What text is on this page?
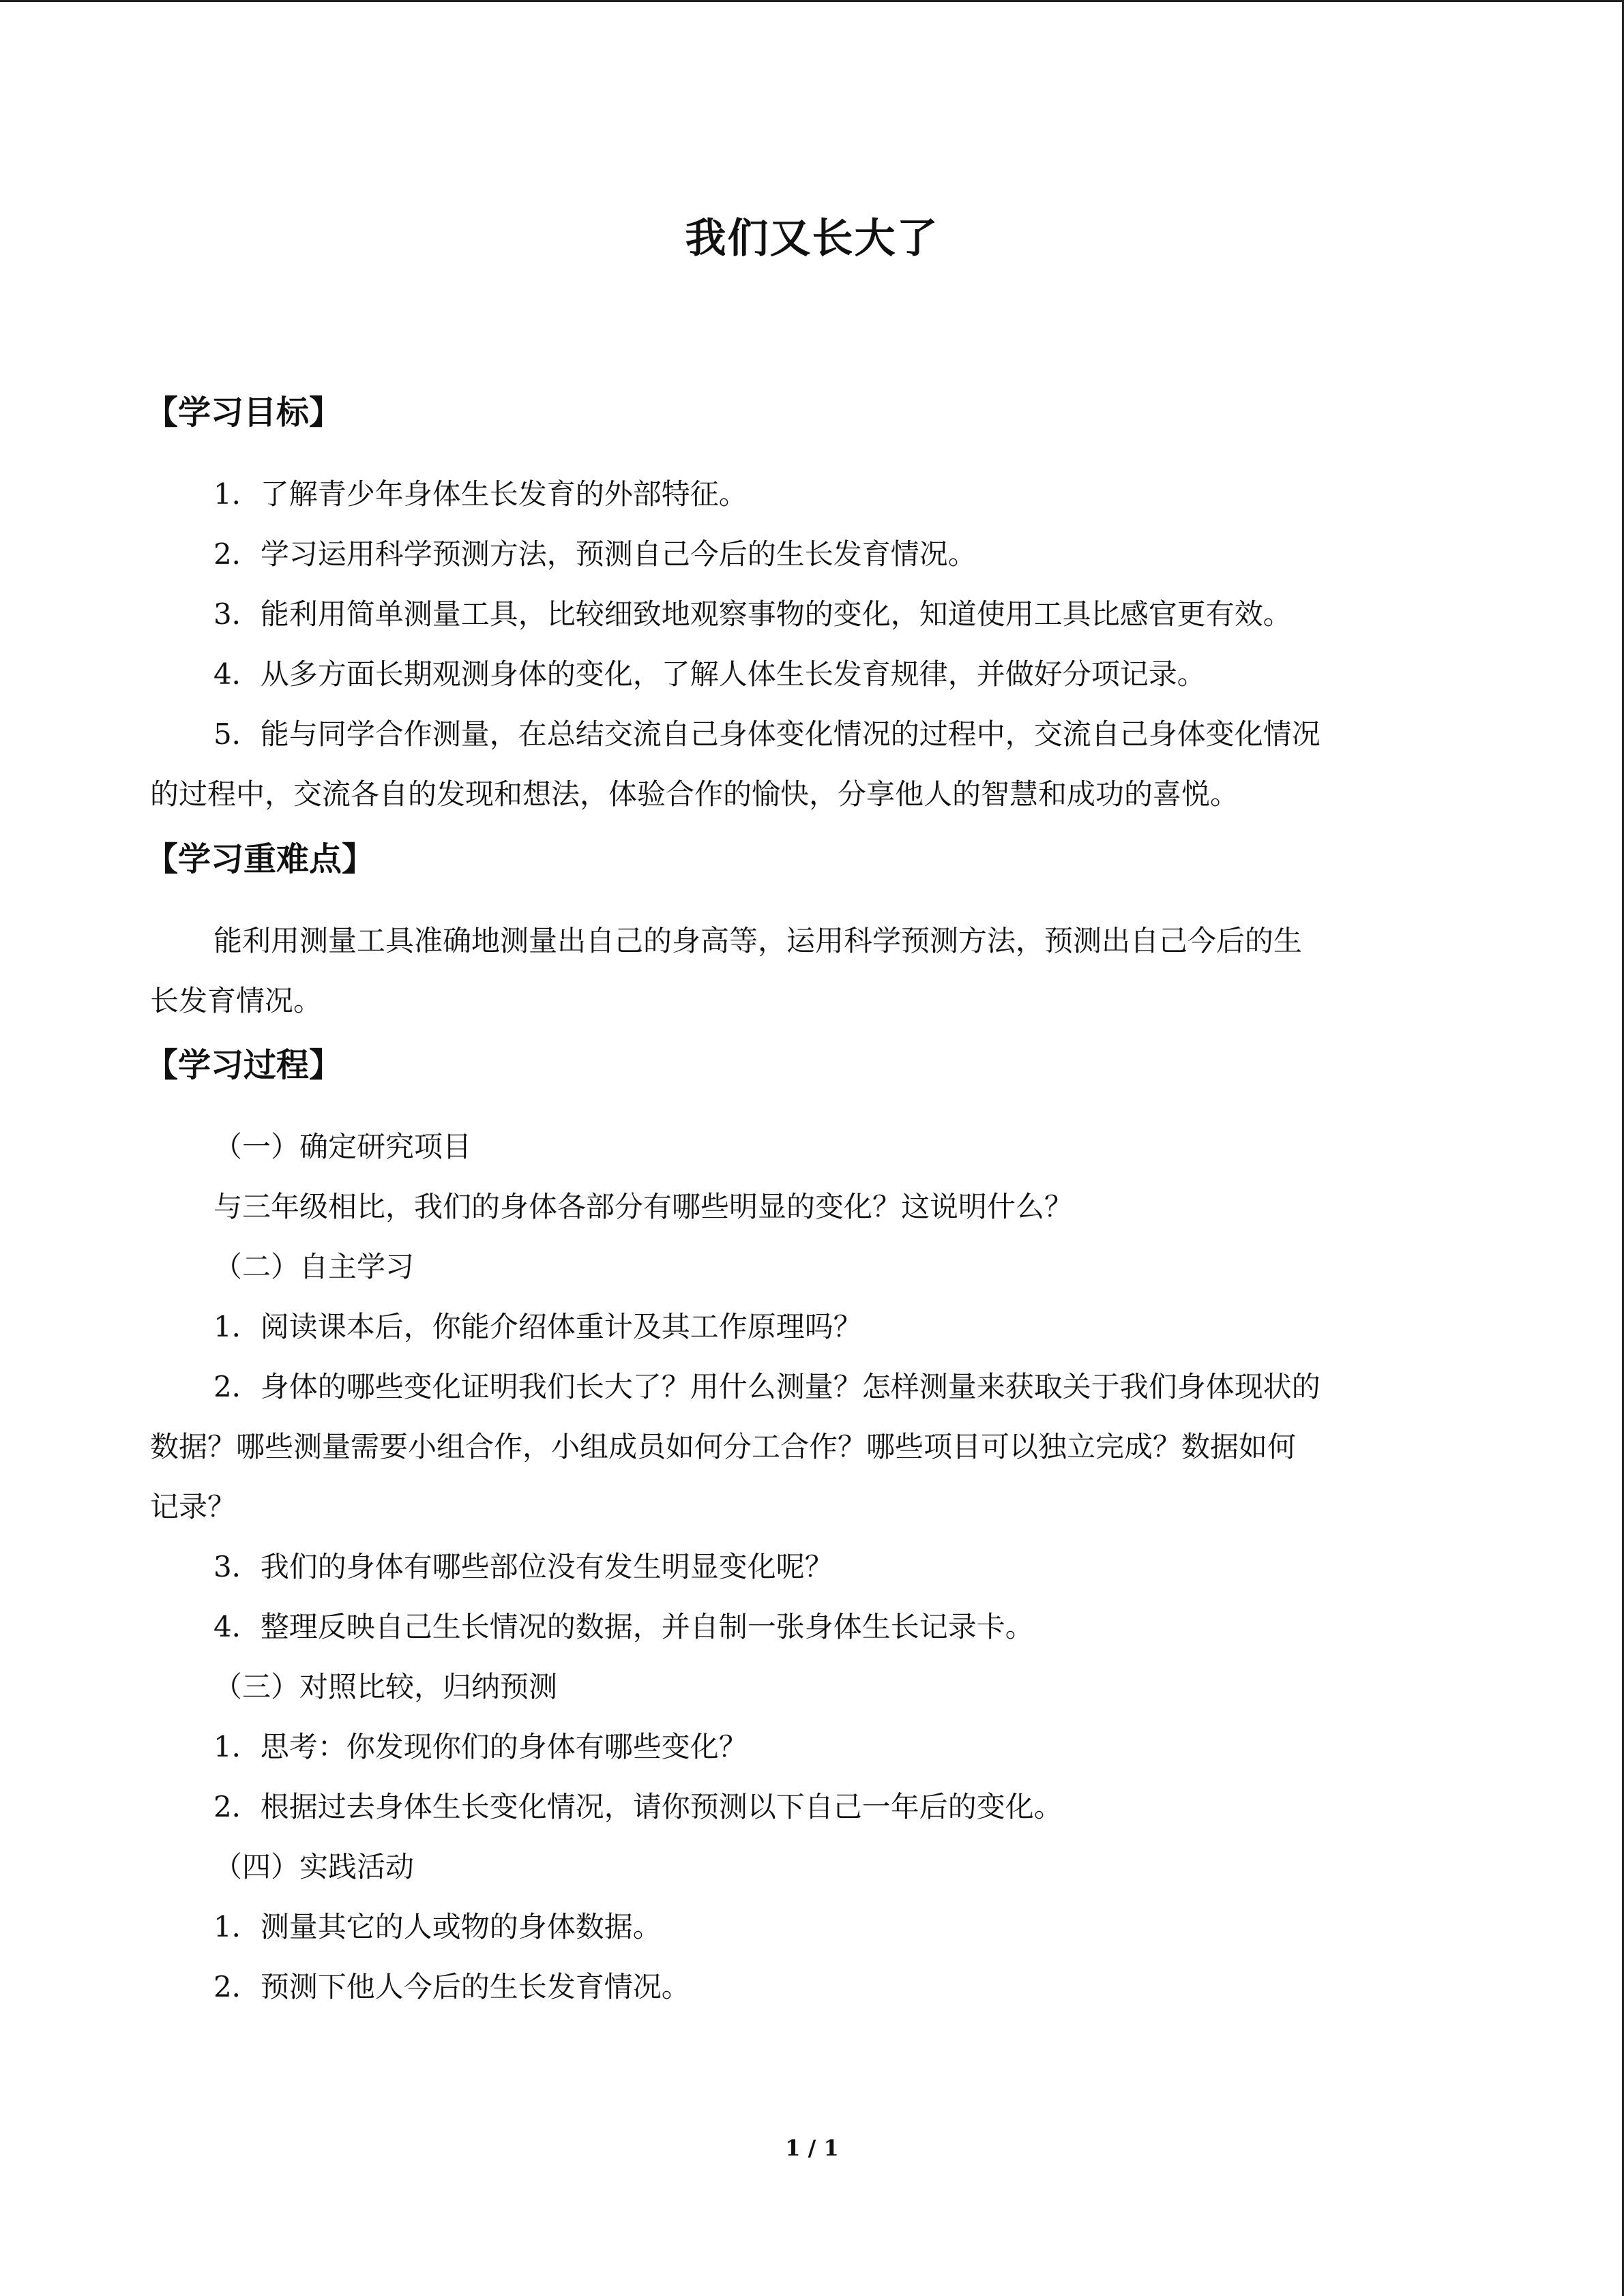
我们又长大了
【学习目标】
1．了解青少年身体生长发育的外部特征。
2．学习运用科学预测方法，预测自己今后的生长发育情况。
3．能利用简单测量工具，比较细致地观察事物的变化，知道使用工具比感官更有效。
4．从多方面长期观测身体的变化，了解人体生长发育规律，并做好分项记录。
5．能与同学合作测量，在总结交流自己身体变化情况的过程中，交流自己身体变化情况
的过程中，交流各自的发现和想法，体验合作的愉快，分享他人的智慧和成功的喜悦。
【学习重难点】
能利用测量工具准确地测量出自己的身高等，运用科学预测方法，预测出自己今后的生
长发育情况。
【学习过程】
（一）确定研究项目
与三年级相比，我们的身体各部分有哪些明显的变化？这说明什么？
（二）自主学习
1．阅读课本后，你能介绍体重计及其工作原理吗？
2．身体的哪些变化证明我们长大了？用什么测量？怎样测量来获取关于我们身体现状的
数据？哪些测量需要小组合作，小组成员如何分工合作？哪些项目可以独立完成？数据如何
记录？
3．我们的身体有哪些部位没有发生明显变化呢？
4．整理反映自己生长情况的数据，并自制一张身体生长记录卡。
（三）对照比较，归纳预测
1．思考：你发现你们的身体有哪些变化？
2．根据过去身体生长变化情况，请你预测以下自己一年后的变化。
（四）实践活动
1．测量其它的人或物的身体数据。
2．预测下他人今后的生长发育情况。
1 / 1
